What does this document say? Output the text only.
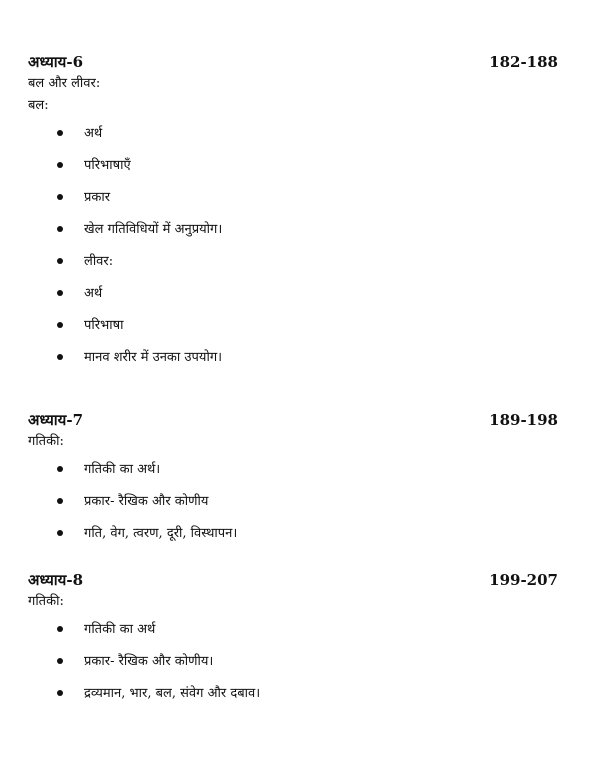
अध्याय-6	182-188
बल और लीवर:
बल:
अर्थ
परिभाषाएँ
प्रकार
खेल गतिविधियों में अनुप्रयोग।
लीवर:
अर्थ
परिभाषा
मानव शरीर में उनका उपयोग।
अध्याय-7	189-198
गतिकी:
गतिकी का अर्थ।
प्रकार- रैखिक और कोणीय
गति, वेग, त्वरण, दूरी, विस्थापन।
अध्याय-8	199-207
गतिकी:
गतिकी का अर्थ
प्रकार- रैखिक और कोणीय।
द्रव्यमान, भार, बल, संवेग और दबाव।
